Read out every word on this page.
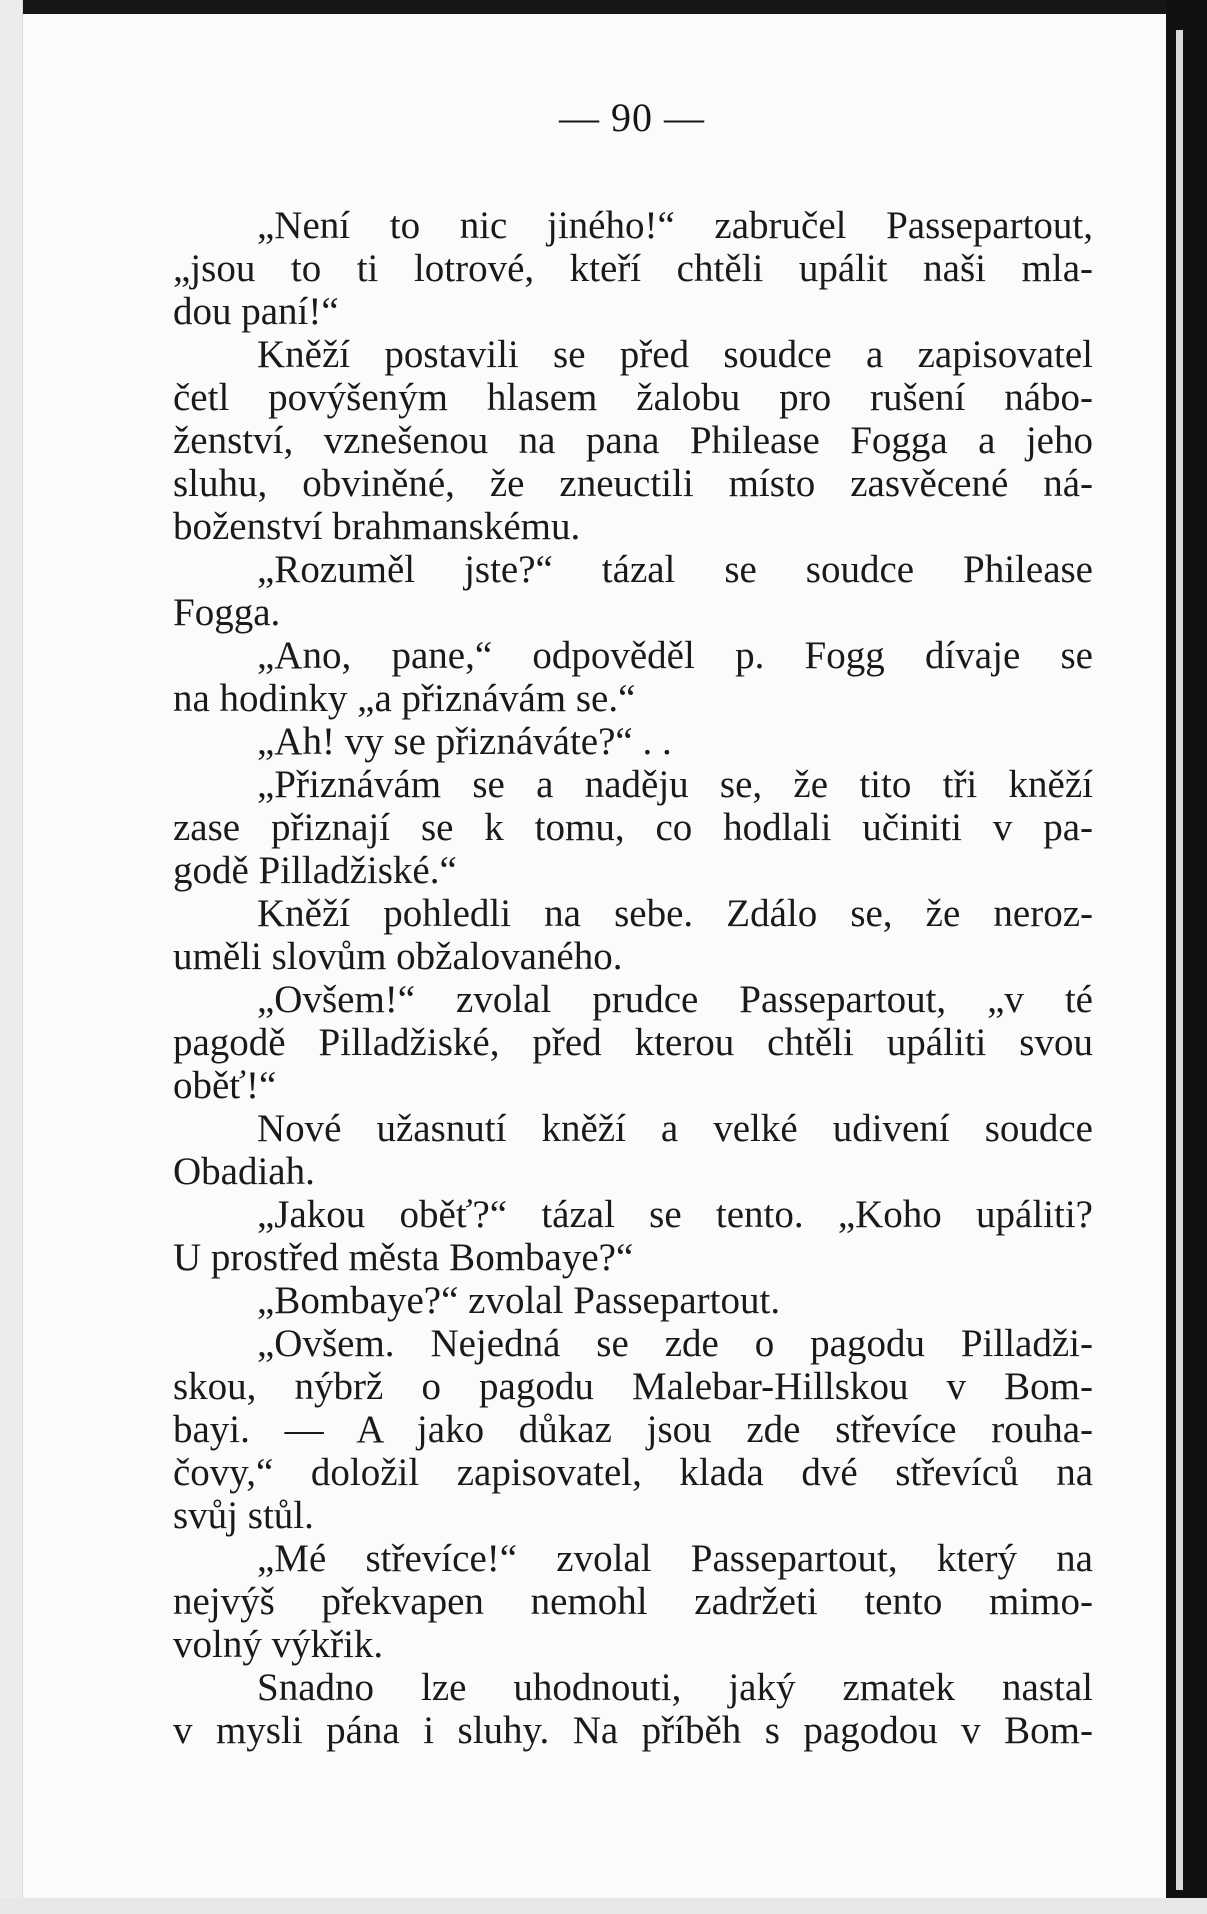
— 90 —
„Není to nic jiného!“ zabručel Passepartout,
„jsou to ti lotrové, kteří chtěli upálit naši mla-
dou paní!“
Kněží postavili se před soudce a zapisovatel
četl povýšeným hlasem žalobu pro rušení nábo-
ženství, vznešenou na pana Philease Fogga a jeho
sluhu, obviněné, že zneuctili místo zasvěcené ná-
boženství brahmanskému.
„Rozuměl jste?“ tázal se soudce Philease
Fogga.
„Ano, pane,“ odpověděl p. Fogg dívaje se
na hodinky „a přiznávám se.“
„Ah! vy se přiznáváte?“ . .
„Přiznávám se a naděju se, že tito tři kněží
zase přiznají se k tomu, co hodlali učiniti v pa-
godě Pilladžiské.“
Kněží pohledli na sebe. Zdálo se, že neroz-
uměli slovům obžalovaného.
„Ovšem!“ zvolal prudce Passepartout, „v té
pagodě Pilladžiské, před kterou chtěli upáliti svou
oběť!“
Nové užasnutí kněží a velké udivení soudce
Obadiah.
„Jakou oběť?“ tázal se tento. „Koho upáliti?
U prostřed města Bombaye?“
„Bombaye?“ zvolal Passepartout.
„Ovšem. Nejedná se zde o pagodu Pilladži-
skou, nýbrž o pagodu Malebar-Hillskou v Bom-
bayi. — A jako důkaz jsou zde střevíce rouha-
čovy,“ doložil zapisovatel, klada dvé střevíců na
svůj stůl.
„Mé střevíce!“ zvolal Passepartout, který na
nejvýš překvapen nemohl zadržeti tento mimo-
volný výkřik.
Snadno lze uhodnouti, jaký zmatek nastal
v mysli pána i sluhy. Na příběh s pagodou v Bom-
